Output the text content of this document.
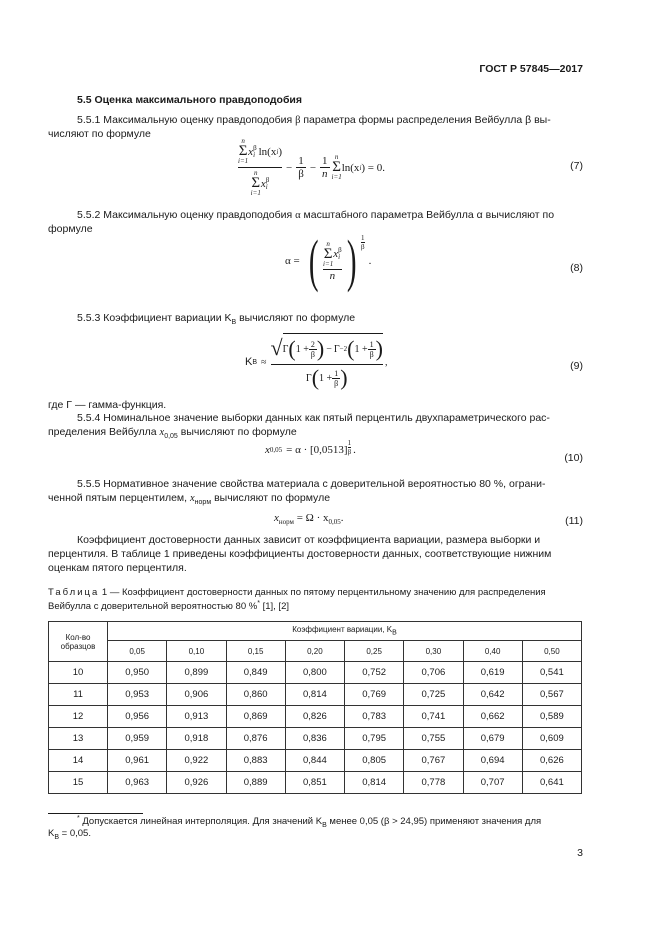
ГОСТ Р 57845—2017
5.5 Оценка максимального правдоподобия
5.5.1 Максимальную оценку правдоподобия β параметра формы распределения Вейбулла β вы-
числяют по формуле
n
Σ
i=1
x β
i ln(x i )
n
Σ
i=1
x β
i
− $\frac{1}{\beta} - \frac{1}{n}$ n
Σ
i=1
ln(x i ) = 0.	(7)
5.5.2 Максимальную оценку правдоподобия α масштабного параметра Вейбулла α вычисляют по
формуле
α = ( n
Σ
i=1
x β
i
n ) 1
β
.
(8)
5.5.3 Коэффициент вариации $K_В$ вычисляют по формуле
K В ≈
√ Γ ( $1 + \frac{2}{\beta}$ ) − Γ −2 ( $1 + \frac{1}{\beta}$ )
Γ ( $1 + \frac{1}{\beta}$ )
,	(9)
где Γ — гамма-функция.
5.5.4 Номинальное значение выборки данных как пятый перцентиль двухпараметрического рас-
пределения Вейбулла $x_{0,05}$ вычисляют по формуле
x 0,05 = α · [0,0513]
1
β .
(10)
5.5.5 Нормативное значение свойства материала с доверительной вероятностью 80 %, ограни-
ченной пятым перцентилем, $x_{норм}$ вычисляют по формуле
$x_{норм} = \Omega \cdot x_{0,05}$.	(11)
Коэффициент достоверности данных зависит от коэффициента вариации, размера выборки и
перцентиля. В таблице 1 приведены коэффициенты достоверности данных, соответствующие нижним
оценкам пятого перцентиля.
Таблица 1 — Коэффициент достоверности данных по пятому перцентильному значению для распределения
Вейбулла с доверительной вероятностью 80 %* [1], [2]
Кол-во образцов	Коэффициент вариации, KВ							
	0,05	0,10	0,15	0,20	0,25	0,30	0,40	0,50
10	0,950	0,899	0,849	0,800	0,752	0,706	0,619	0,541
11	0,953	0,906	0,860	0,814	0,769	0,725	0,642	0,567
12	0,956	0,913	0,869	0,826	0,783	0,741	0,662	0,589
13	0,959	0,918	0,876	0,836	0,795	0,755	0,679	0,609
14	0,961	0,922	0,883	0,844	0,805	0,767	0,694	0,626
15	0,963	0,926	0,889	0,851	0,814	0,778	0,707	0,641
* Допускается линейная интерполяция. Для значений $K_В$ менее 0,05 (β > 24,95) применяют значения для
$K_В = 0,05$.
3
